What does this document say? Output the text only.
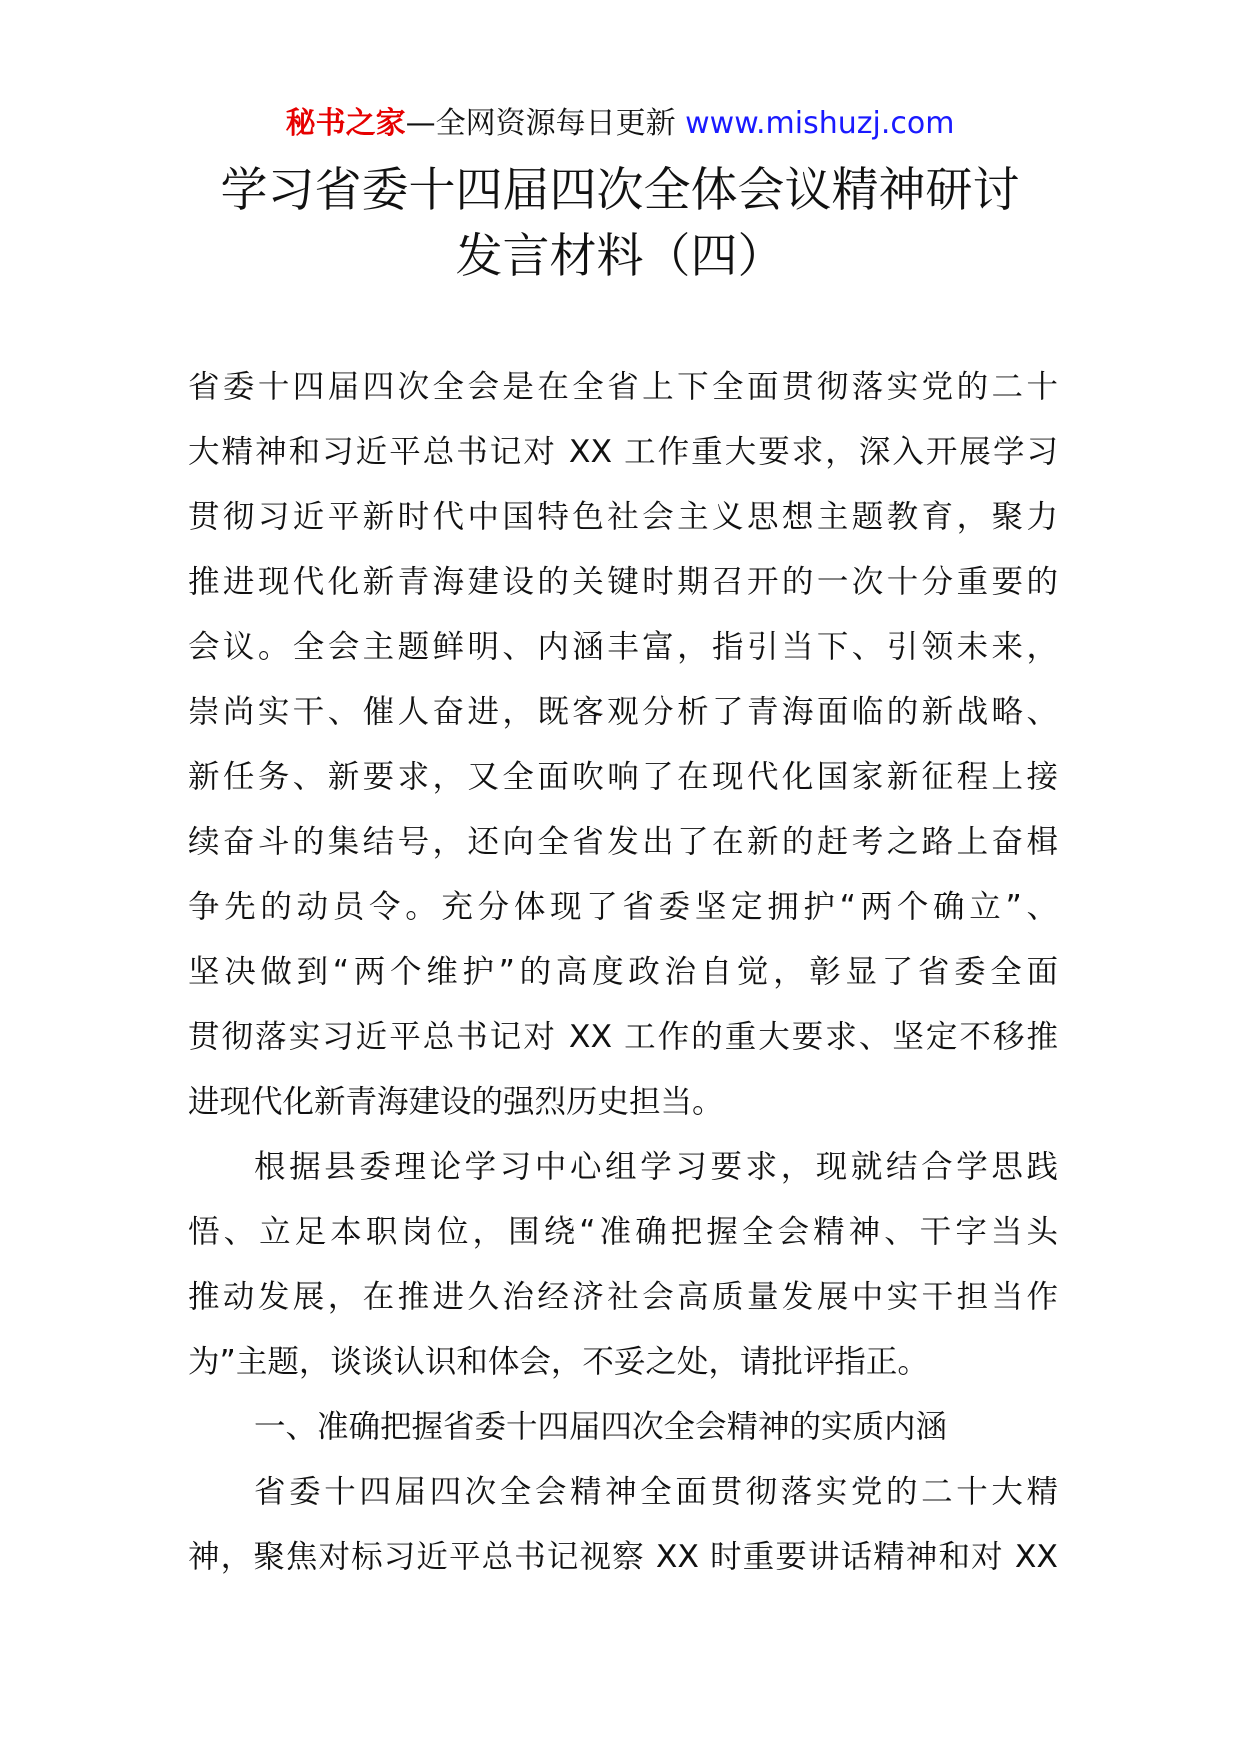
秘书之家—全网资源每日更新 www.mishuzj.com
学习省委十四届四次全体会议精神研讨
发言材料（四）
省委十四届四次全会是在全省上下全面贯彻落实党的二十
大精神和习近平总书记对 XX 工作重大要求，深入开展学习
贯彻习近平新时代中国特色社会主义思想主题教育，聚力
推进现代化新青海建设的关键时期召开的一次十分重要的
会议。全会主题鲜明、内涵丰富，指引当下、引领未来，
崇尚实干、催人奋进，既客观分析了青海面临的新战略、
新任务、新要求，又全面吹响了在现代化国家新征程上接
续奋斗的集结号，还向全省发出了在新的赶考之路上奋楫
争先的动员令。充分体现了省委坚定拥护“两个确立”、
坚决做到“两个维护”的高度政治自觉，彰显了省委全面
贯彻落实习近平总书记对 XX 工作的重大要求、坚定不移推
进现代化新青海建设的强烈历史担当。
根据县委理论学习中心组学习要求，现就结合学思践
悟、立足本职岗位，围绕“准确把握全会精神、干字当头
推动发展，在推进久治经济社会高质量发展中实干担当作
为”主题，谈谈认识和体会，不妥之处，请批评指正。
一、准确把握省委十四届四次全会精神的实质内涵
省委十四届四次全会精神全面贯彻落实党的二十大精
神，聚焦对标习近平总书记视察 XX 时重要讲话精神和对 XX
